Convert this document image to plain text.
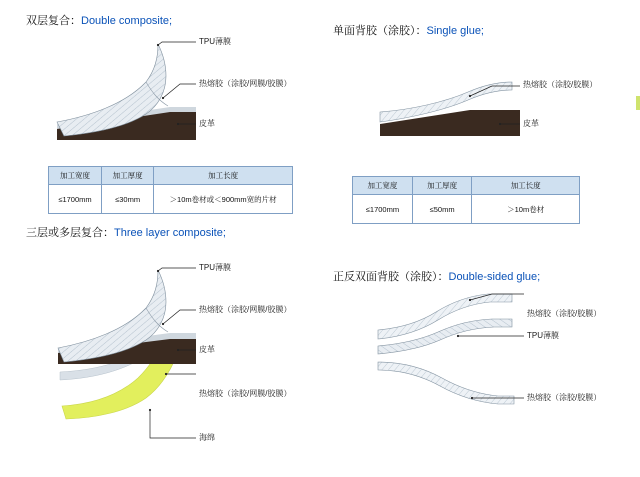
双层复合：Double composite;
TPU薄膜
热熔胶（涂胶/网膜/胶膜）
皮革
加工宽度	加工厚度	加工长度
≤1700mm	≤30mm	＞10m卷材或＜900mm宽的片材
单面背胶（涂胶）：Single glue;
热熔胶（涂胶/胶膜）
皮革
加工宽度	加工厚度	加工长度
≤1700mm	≤50mm	＞10m卷材
三层或多层复合：Three layer composite;
TPU薄膜
热熔胶（涂胶/网膜/胶膜）
皮革
热熔胶（涂胶/网膜/胶膜）
海绵
正反双面背胶（涂胶）：Double-sided glue;
热熔胶（涂胶/胶膜）
TPU薄膜
热熔胶（涂胶/胶膜）
